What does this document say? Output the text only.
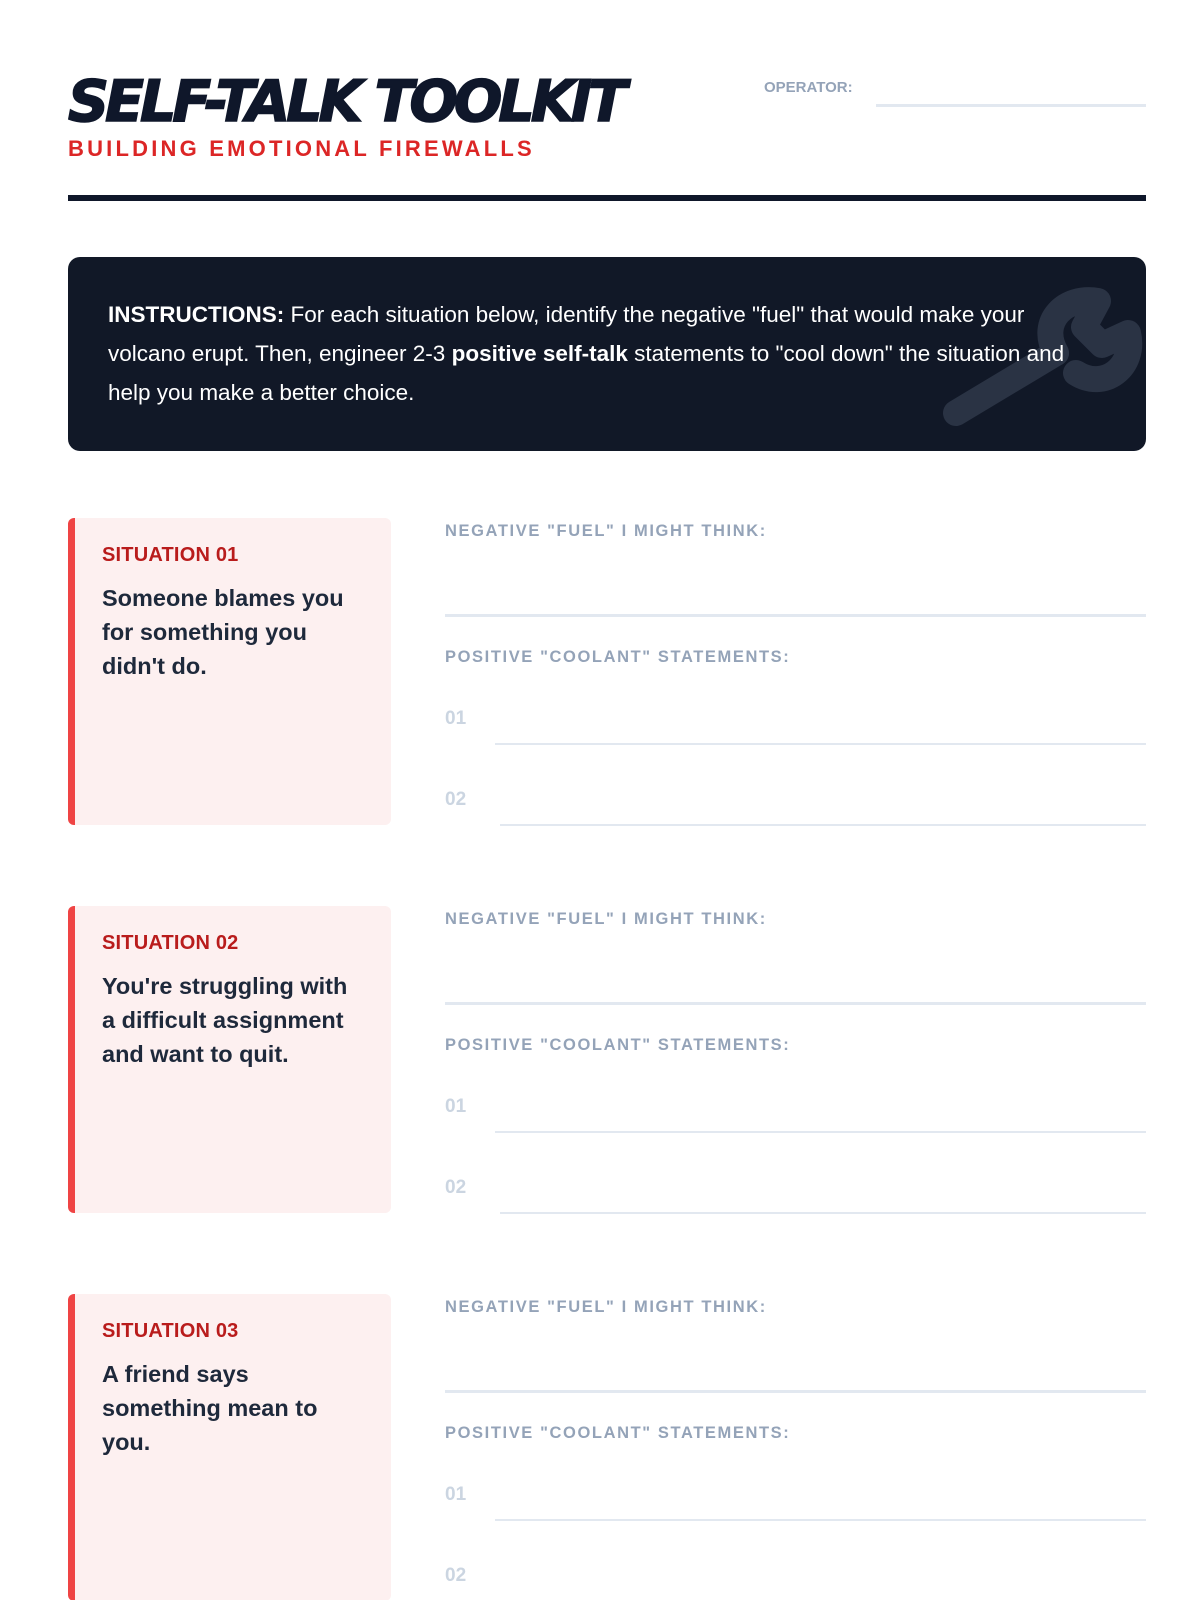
SELF-TALK TOOLKIT
BUILDING EMOTIONAL FIREWALLS
OPERATOR:

INSTRUCTIONS: For each situation below, identify the negative "fuel" that would make your volcano erupt. Then, engineer 2-3 positive self-talk statements to "cool down" the situation and help you make a better choice.

SITUATION 01
Someone blames you for something you didn't do.
NEGATIVE "FUEL" I MIGHT THINK:
POSITIVE "COOLANT" STATEMENTS:
01
02
SITUATION 02
You're struggling with a difficult assignment and want to quit.
NEGATIVE "FUEL" I MIGHT THINK:
POSITIVE "COOLANT" STATEMENTS:
01
02
SITUATION 03
A friend says something mean to you.
NEGATIVE "FUEL" I MIGHT THINK:
POSITIVE "COOLANT" STATEMENTS:
01
02
